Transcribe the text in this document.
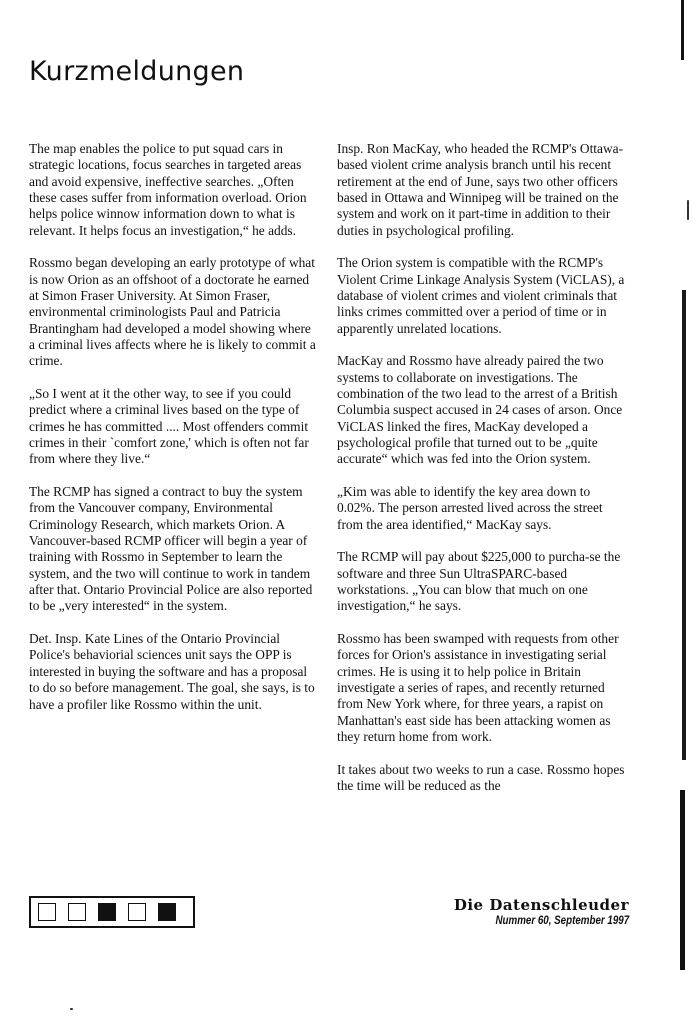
Kurzmeldungen

The map enables the police to put squad cars in strategic locations, focus searches in targeted areas and avoid expensive, ineffective searches. „Often these cases suffer from information overload. Orion helps police winnow information down to what is relevant. It helps focus an investigation,“ he adds.

Rossmo began developing an early prototype of what is now Orion as an offshoot of a doctorate he earned at Simon Fraser University. At Simon Fraser, environmental criminologists Paul and Patricia Brantingham had developed a model showing where a criminal lives affects where he is likely to commit a crime.

„So I went at it the other way, to see if you could predict where a criminal lives based on the type of crimes he has committed .... Most offenders commit crimes in their `comfort zone,' which is often not far from where they live.“

The RCMP has signed a contract to buy the system from the Vancouver company, Environmental Criminology Research, which markets Orion. A Vancouver-based RCMP officer will begin a year of training with Rossmo in September to learn the system, and the two will continue to work in tandem after that. Ontario Provincial Police are also reported to be „very interested“ in the system.

Det. Insp. Kate Lines of the Ontario Provincial Police's behaviorial sciences unit says the OPP is interested in buying the software and has a proposal to do so before management. The goal, she says, is to have a profiler like Rossmo within the unit.

Insp. Ron MacKay, who headed the RCMP's Ottawa-based violent crime analysis branch until his recent retirement at the end of June, says two other officers based in Ottawa and Winnipeg will be trained on the system and work on it part-time in addition to their duties in psychological profiling.

The Orion system is compatible with the RCMP's Violent Crime Linkage Analysis System (ViCLAS), a database of violent crimes and violent criminals that links crimes committed over a period of time or in apparently unrelated locations.

MacKay and Rossmo have already paired the two systems to collaborate on investigations. The combination of the two lead to the arrest of a British Columbia suspect accused in 24 cases of arson. Once ViCLAS linked the fires, MacKay developed a psychological profile that turned out to be „quite accurate“ which was fed into the Orion system.

„Kim was able to identify the key area down to 0.02%. The person arrested lived across the street from the area identified,“ MacKay says.

The RCMP will pay about $225,000 to purcha-se the software and three Sun UltraSPARC-based workstations. „You can blow that much on one investigation,“ he says.

Rossmo has been swamped with requests from other forces for Orion's assistance in investigating serial crimes. He is using it to help police in Britain investigate a series of rapes, and recently returned from New York where, for three years, a rapist on Manhattan's east side has been attacking women as they return home from work.

It takes about two weeks to run a case. Rossmo hopes the time will be reduced as the

Die Datenschleuder
Nummer 60, September 1997
